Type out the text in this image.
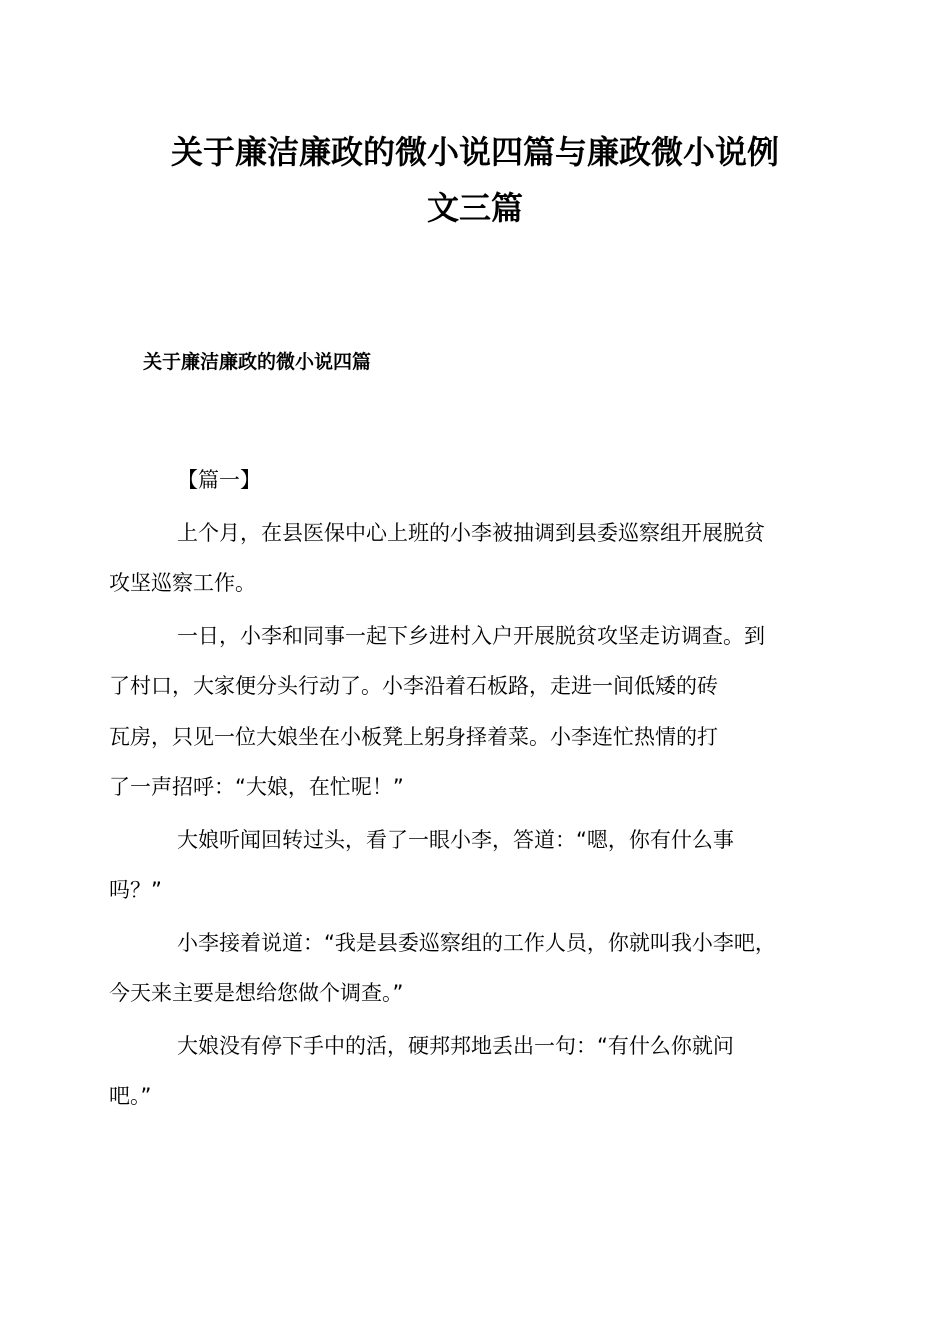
关于廉洁廉政的微小说四篇与廉政微小说例
文三篇
关于廉洁廉政的微小说四篇

【篇一】

上个月，在县医保中心上班的小李被抽调到县委巡察组开展脱贫
攻坚巡察工作。

一日，小李和同事一起下乡进村入户开展脱贫攻坚走访调查。到
了村口，大家便分头行动了。小李沿着石板路，走进一间低矮的砖
瓦房，只见一位大娘坐在小板凳上躬身择着菜。小李连忙热情的打
了一声招呼：“大娘，在忙呢！”

大娘听闻回转过头，看了一眼小李，答道：“嗯，你有什么事
吗？”

小李接着说道：“我是县委巡察组的工作人员，你就叫我小李吧，
今天来主要是想给您做个调查。”

大娘没有停下手中的活，硬邦邦地丢出一句：“有什么你就问
吧。”
